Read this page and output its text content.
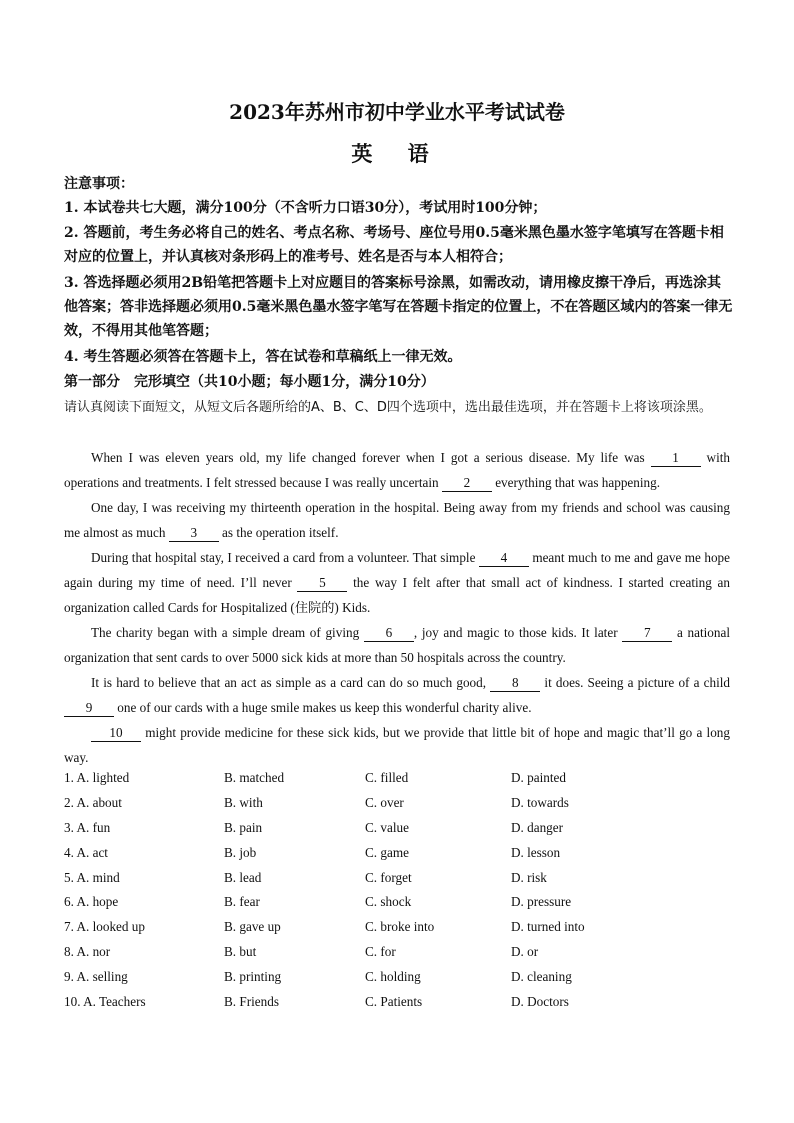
2023年苏州市初中学业水平考试试卷
英 语
注意事项：
1. 本试卷共七大题，满分100分（不含听力口语30分），考试用时100分钟；
2. 答题前，考生务必将自己的姓名、考点名称、考场号、座位号用0.5毫米黑色墨水签字笔填写在答题卡相对应的位置上，并认真核对条形码上的准考号、姓名是否与本人相符合；
3. 答选择题必须用2B铅笔把答题卡上对应题目的答案标号涂黑，如需改动，请用橡皮擦干净后，再选涂其他答案；答非选择题必须用0.5毫米黑色墨水签字笔写在答题卡指定的位置上，不在答题区域内的答案一律无效，不得用其他笔答题；
4. 考生答题必须答在答题卡上，答在试卷和草稿纸上一律无效。
第一部分　完形填空（共10小题；每小题1分，满分10分）
请认真阅读下面短文，从短文后各题所给的A、B、C、D四个选项中，选出最佳选项，并在答题卡上将该项涂黑。

When I was eleven years old, my life changed forever when I got a serious disease. My life was 1 with operations and treatments. I felt stressed because I was really uncertain 2 everything that was happening.

One day, I was receiving my thirteenth operation in the hospital. Being away from my friends and school was causing me almost as much 3 as the operation itself.

During that hospital stay, I received a card from a volunteer. That simple 4 meant much to me and gave me hope again during my time of need. I’ll never 5 the way I felt after that small act of kindness. I started creating an organization called Cards for Hospitalized (住院的) Kids.

The charity began with a simple dream of giving 6 , joy and magic to those kids. It later 7 a national organization that sent cards to over 5000 sick kids at more than 50 hospitals across the country.

It is hard to believe that an act as simple as a card can do so much good, 8 it does. Seeing a picture of a child 9 one of our cards with a huge smile makes us keep this wonderful charity alive.

10 might provide medicine for these sick kids, but we provide that little bit of hope and magic that’ll go a long way.

1. A. lighted	B. matched	C. filled	D. painted
2. A. about	B. with	C. over	D. towards
3. A. fun	B. pain	C. value	D. danger
4. A. act	B. job	C. game	D. lesson
5. A. mind	B. lead	C. forget	D. risk
6. A. hope	B. fear	C. shock	D. pressure
7. A. looked up	B. gave up	C. broke into	D. turned into
8. A. nor	B. but	C. for	D. or
9. A. selling	B. printing	C. holding	D. cleaning
10. A. Teachers	B. Friends	C. Patients	D. Doctors
